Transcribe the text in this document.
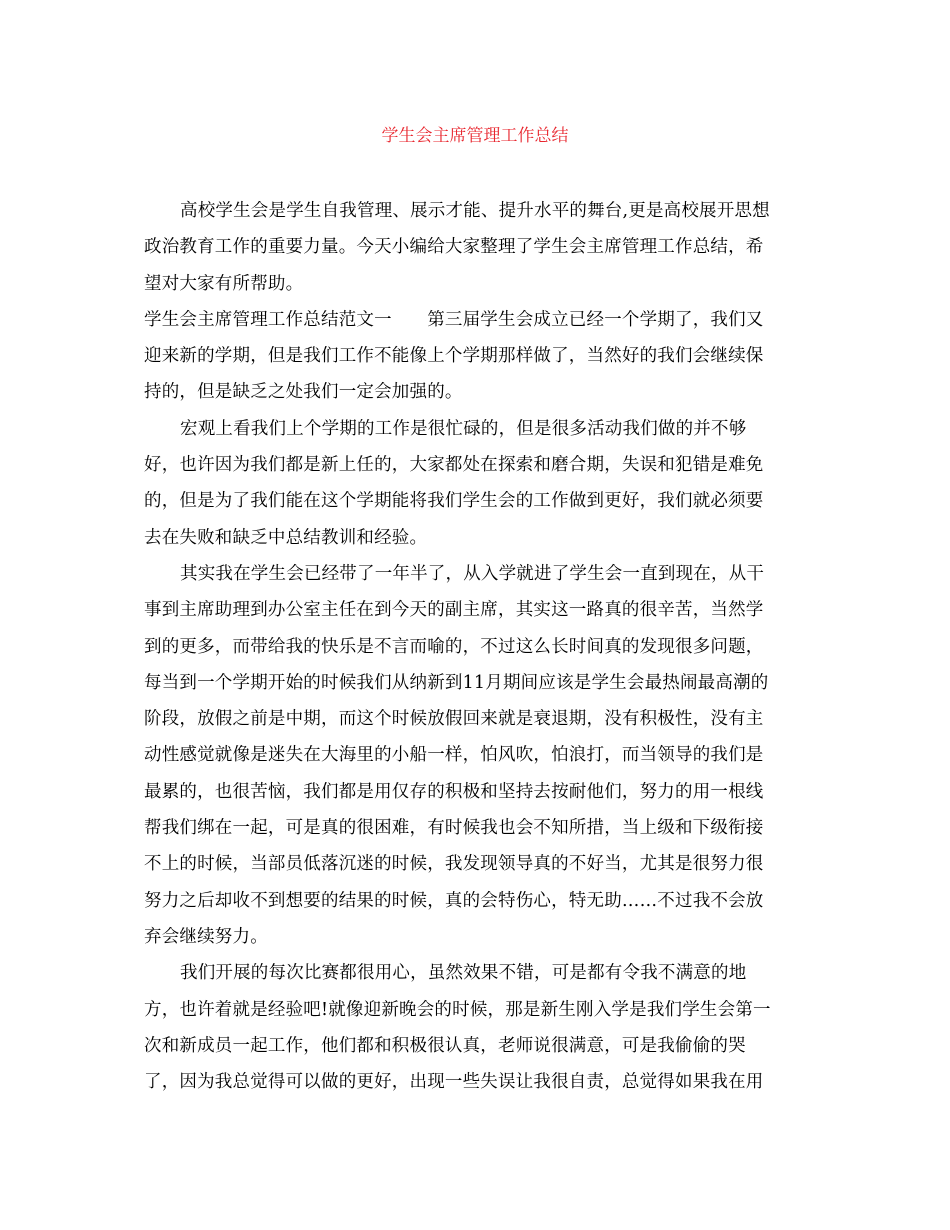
学生会主席管理工作总结
高校学生会是学生自我管理、展示才能、提升水平的舞台,更是高校展开思想
政治教育工作的重要力量。今天小编给大家整理了学生会主席管理工作总结，希
望对大家有所帮助。
学生会主席管理工作总结范文一　　第三届学生会成立已经一个学期了，我们又
迎来新的学期，但是我们工作不能像上个学期那样做了，当然好的我们会继续保
持的，但是缺乏之处我们一定会加强的。
宏观上看我们上个学期的工作是很忙碌的，但是很多活动我们做的并不够
好，也许因为我们都是新上任的，大家都处在探索和磨合期，失误和犯错是难免
的，但是为了我们能在这个学期能将我们学生会的工作做到更好，我们就必须要
去在失败和缺乏中总结教训和经验。
其实我在学生会已经带了一年半了，从入学就进了学生会一直到现在，从干
事到主席助理到办公室主任在到今天的副主席，其实这一路真的很辛苦，当然学
到的更多，而带给我的快乐是不言而喻的，不过这么长时间真的发现很多问题，
每当到一个学期开始的时候我们从纳新到11月期间应该是学生会最热闹最高潮的
阶段，放假之前是中期，而这个时候放假回来就是衰退期，没有积极性，没有主
动性感觉就像是迷失在大海里的小船一样，怕风吹，怕浪打，而当领导的我们是
最累的，也很苦恼，我们都是用仅存的积极和坚持去按耐他们，努力的用一根线
帮我们绑在一起，可是真的很困难，有时候我也会不知所措，当上级和下级衔接
不上的时候，当部员低落沉迷的时候，我发现领导真的不好当，尤其是很努力很
努力之后却收不到想要的结果的时候，真的会特伤心，特无助……不过我不会放
弃会继续努力。
我们开展的每次比赛都很用心，虽然效果不错，可是都有令我不满意的地
方，也许着就是经验吧!就像迎新晚会的时候，那是新生刚入学是我们学生会第一
次和新成员一起工作，他们都和积极很认真，老师说很满意，可是我偷偷的哭
了，因为我总觉得可以做的更好，出现一些失误让我很自责，总觉得如果我在用
